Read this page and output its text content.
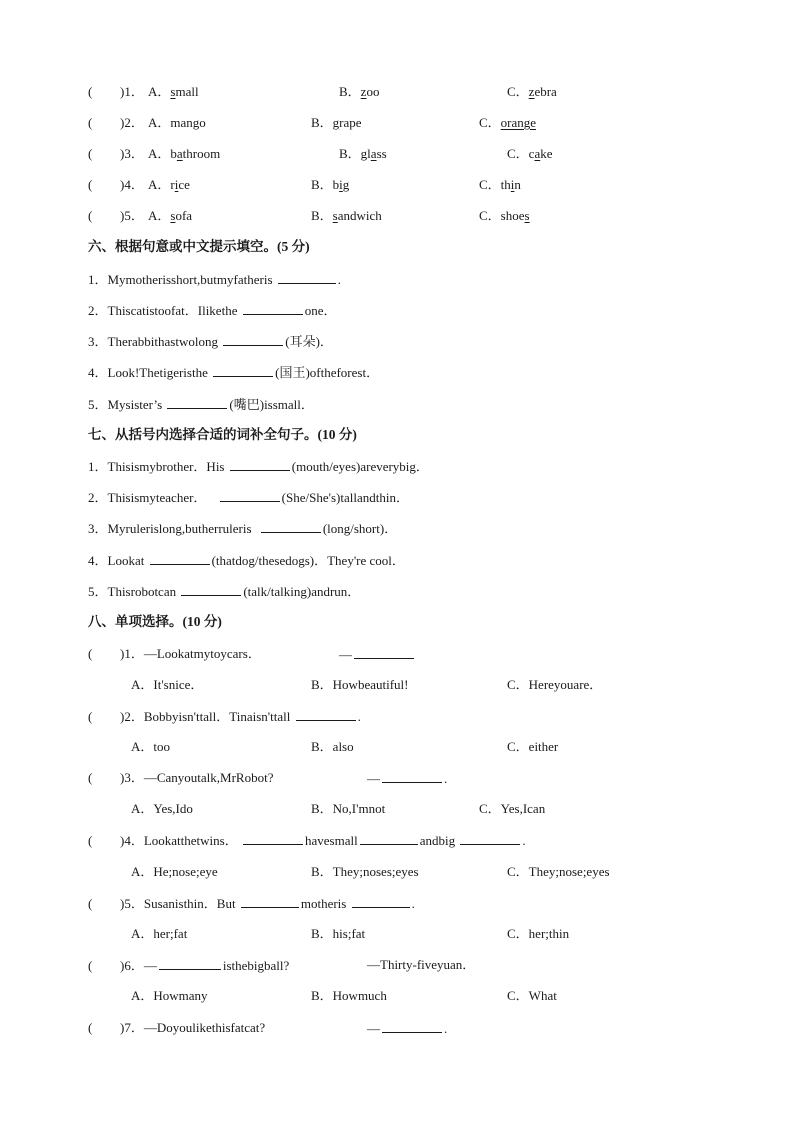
( )1． A．small	B．zoo	C．zebra
( )2． A．mango	B．grape	C．orange
( )3． A．bathroom	B．glass	C．cake
( )4． A．rice	B．big	C．thin
( )5． A．sofa	B．sandwich	C．shoes
六、根据句意或中文提示填空。(5 分)
1．Mymotherisshort,butmyfatheris	.
2．Thiscatistoofat．Ilikethe	one．
3．Therabbithastwolong	(耳朵)．
4．Look!Thetigeristhe	(国王)oftheforest．
5．Mysister’s	(嘴巴)issmall．
七、从括号内选择合适的词补全句子。(10 分)
1．Thisismybrother．His	(mouth/eyes)areverybig．
2．Thisismyteacher．	(She/She's)tallandthin．
3．Myrulerislong,butherruleris	(long/short)．
4．Lookat	(thatdog/thesedogs)．They're cool．
5．Thisrobotcan	(talk/talking)andrun．
八、单项选择。(10 分)
( )1．—Lookatmytoycars．	—
A．It'snice．	B．Howbeautiful!	C．Hereyouare．
( )2．Bobbyisn'ttall．Tinaisn'ttall	.
A．too	B．also	C．either
( )3．—Canyoutalk,MrRobot?	—	.
A．Yes,Ido	B．No,I'mnot	C．Yes,Ican
( )4．Lookatthetwins．	havesmall	andbig	.
A．He;nose;eye	B．They;noses;eyes	C．They;nose;eyes
( )5．Susanisthin．But	motheris	.
A．her;fat	B．his;fat	C．her;thin
( )6．—	isthebigball?	—Thirty-fiveyuan．
A．Howmany	B．Howmuch	C．What
( )7．—Doyoulikethisfatcat?	—	.
